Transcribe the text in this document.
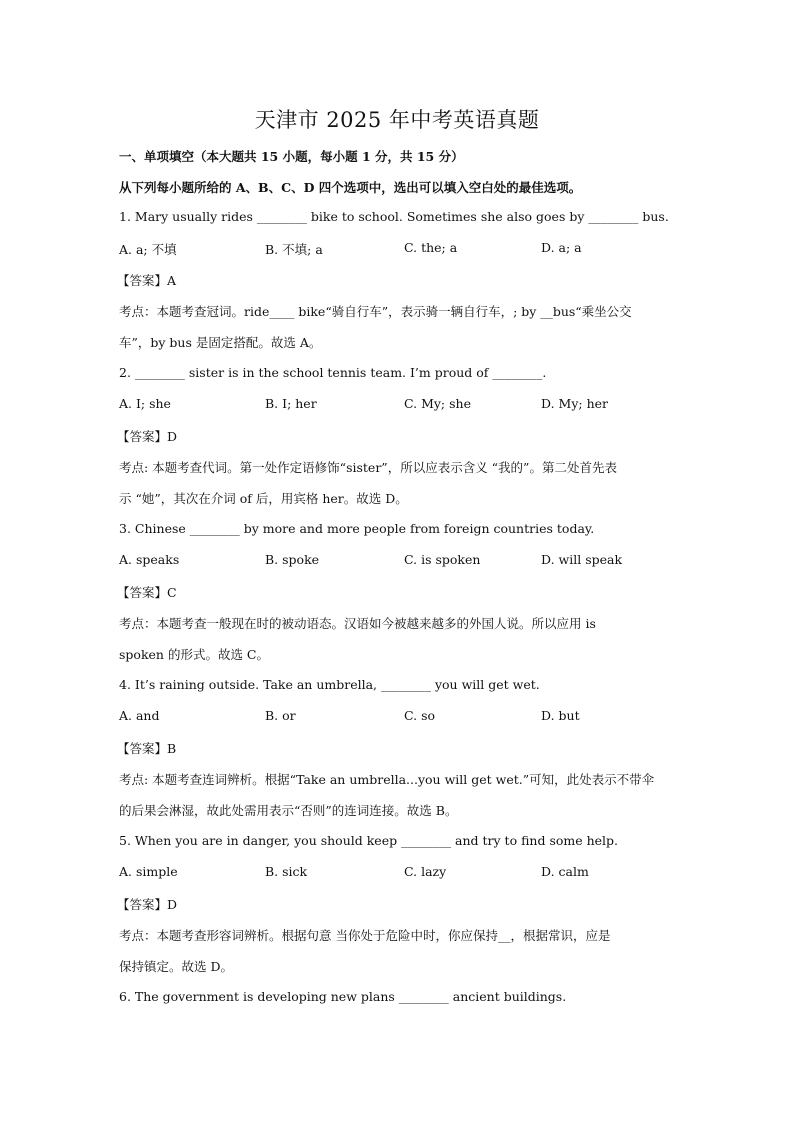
天津市 2025 年中考英语真题
一、单项填空（本大题共 15 小题，每小题 1 分，共 15 分）
从下列每小题所给的 A、B、C、D 四个选项中，选出可以填入空白处的最佳选项。
1. Mary usually rides ________ bike to school. Sometimes she also goes by ________ bus.
A. a; 不填	B. 不填; a	C. the; a	D. a; a
【答案】A
考点：本题考查冠词。ride____ bike“骑自行车”，表示骑一辆自行车，; by __bus“乘坐公交
车”，by bus 是固定搭配。故选 A。
2. ________ sister is in the school tennis team. I’m proud of ________.
A. I; she	B. I; her	C. My; she	D. My; her
【答案】D
考点: 本题考查代词。第一处作定语修饰“sister”，所以应表示含义 “我的”。第二处首先表
示 “她”，其次在介词 of 后，用宾格 her。故选 D。
3. Chinese ________ by more and more people from foreign countries today.
A. speaks	B. spoke	C. is spoken	D. will speak
【答案】C
考点：本题考查一般现在时的被动语态。汉语如今被越来越多的外国人说。所以应用 is
spoken 的形式。故选 C。
4. It’s raining outside. Take an umbrella, ________ you will get wet.
A. and	B. or	C. so	D. but
【答案】B
考点: 本题考查连词辨析。根据“Take an umbrella...you will get wet.”可知，此处表示不带伞
的后果会淋湿，故此处需用表示“否则”的连词连接。故选 B。
5. When you are in danger, you should keep ________ and try to find some help.
A. simple	B. sick	C. lazy	D. calm
【答案】D
考点：本题考查形容词辨析。根据句意 当你处于危险中时，你应保持__，根据常识，应是
保持镇定。故选 D。
6. The government is developing new plans ________ ancient buildings.
